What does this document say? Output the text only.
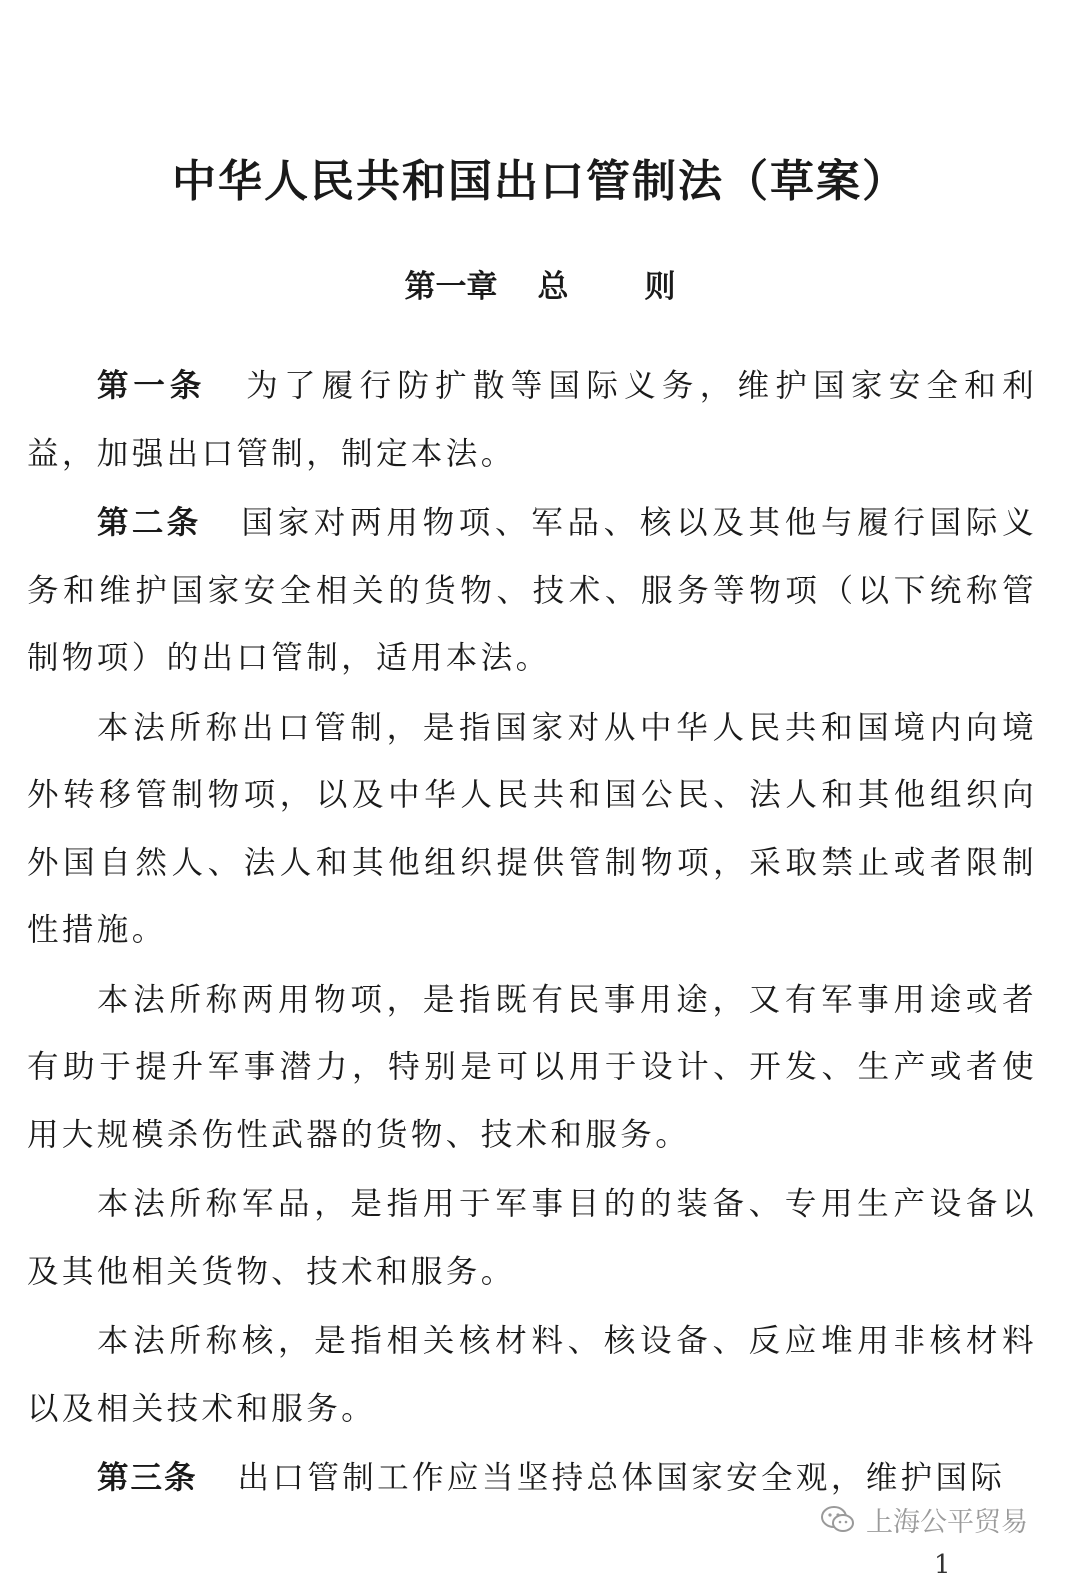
中华人民共和国出口管制法（草案）
第一章 总 则

第一条 为了履行防扩散等国际义务，维护国家安全和利益，加强出口管制，制定本法。

第二条 国家对两用物项、军品、核以及其他与履行国际义务和维护国家安全相关的货物、技术、服务等物项（以下统称管制物项）的出口管制，适用本法。

本法所称出口管制，是指国家对从中华人民共和国境内向境外转移管制物项，以及中华人民共和国公民、法人和其他组织向外国自然人、法人和其他组织提供管制物项，采取禁止或者限制性措施。

本法所称两用物项，是指既有民事用途，又有军事用途或者有助于提升军事潜力，特别是可以用于设计、开发、生产或者使用大规模杀伤性武器的货物、技术和服务。

本法所称军品，是指用于军事目的的装备、专用生产设备以及其他相关货物、技术和服务。

本法所称核，是指相关核材料、核设备、反应堆用非核材料以及相关技术和服务。

第三条 出口管制工作应当坚持总体国家安全观，维护国际

上海公平贸易
1
